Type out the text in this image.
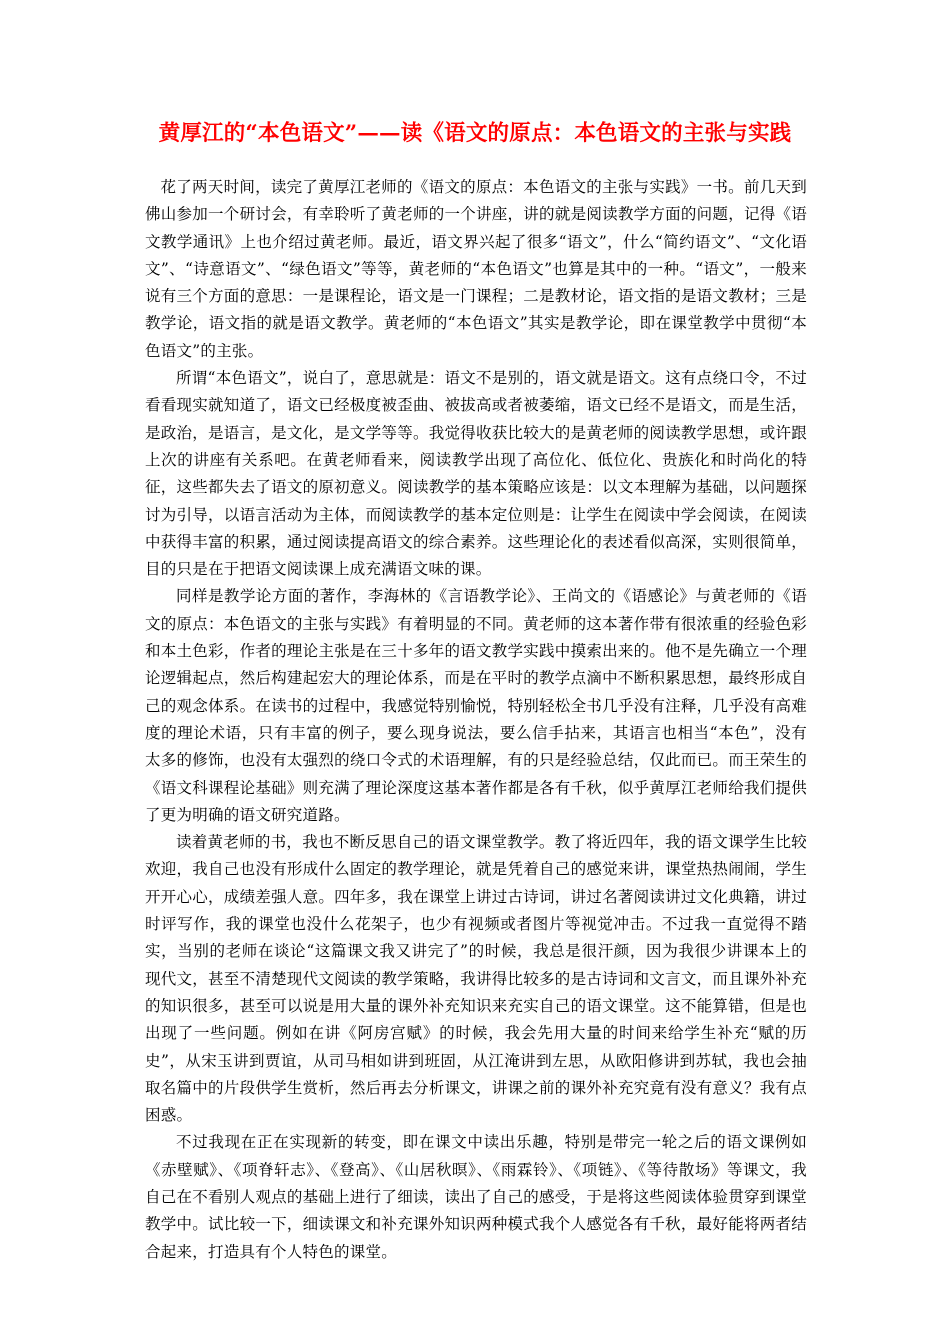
黄厚江的“本色语文”——读《语文的原点：本色语文的主张与实践

花了两天时间，读完了黄厚江老师的《语文的原点：本色语文的主张与实践》一书。前几天到佛山参加一个研讨会，有幸聆听了黄老师的一个讲座，讲的就是阅读教学方面的问题，记得《语文教学通讯》上也介绍过黄老师。最近，语文界兴起了很多“语文”，什么“简约语文”、“文化语文”、“诗意语文”、“绿色语文”等等，黄老师的“本色语文”也算是其中的一种。“语文”，一般来说有三个方面的意思：一是课程论，语文是一门课程；二是教材论，语文指的是语文教材；三是教学论，语文指的就是语文教学。黄老师的“本色语文”其实是教学论，即在课堂教学中贯彻“本色语文”的主张。

所谓“本色语文”，说白了，意思就是：语文不是别的，语文就是语文。这有点绕口令，不过看看现实就知道了，语文已经极度被歪曲、被拔高或者被萎缩，语文已经不是语文，而是生活，是政治，是语言，是文化，是文学等等。我觉得收获比较大的是黄老师的阅读教学思想，或许跟上次的讲座有关系吧。在黄老师看来，阅读教学出现了高位化、低位化、贵族化和时尚化的特征，这些都失去了语文的原初意义。阅读教学的基本策略应该是：以文本理解为基础，以问题探讨为引导，以语言活动为主体，而阅读教学的基本定位则是：让学生在阅读中学会阅读，在阅读中获得丰富的积累，通过阅读提高语文的综合素养。这些理论化的表述看似高深，实则很简单，目的只是在于把语文阅读课上成充满语文味的课。

同样是教学论方面的著作，李海林的《言语教学论》、王尚文的《语感论》与黄老师的《语文的原点：本色语文的主张与实践》有着明显的不同。黄老师的这本著作带有很浓重的经验色彩和本土色彩，作者的理论主张是在三十多年的语文教学实践中摸索出来的。他不是先确立一个理论逻辑起点，然后构建起宏大的理论体系，而是在平时的教学点滴中不断积累思想，最终形成自己的观念体系。在读书的过程中，我感觉特别愉悦，特别轻松全书几乎没有注释，几乎没有高难度的理论术语，只有丰富的例子，要么现身说法，要么信手拈来，其语言也相当“本色”，没有太多的修饰，也没有太强烈的绕口令式的术语理解，有的只是经验总结，仅此而已。而王荣生的《语文科课程论基础》则充满了理论深度这基本著作都是各有千秋，似乎黄厚江老师给我们提供了更为明确的语文研究道路。

读着黄老师的书，我也不断反思自己的语文课堂教学。教了将近四年，我的语文课学生比较欢迎，我自己也没有形成什么固定的教学理论，就是凭着自己的感觉来讲，课堂热热闹闹，学生开开心心，成绩差强人意。四年多，我在课堂上讲过古诗词，讲过名著阅读讲过文化典籍，讲过时评写作，我的课堂也没什么花架子，也少有视频或者图片等视觉冲击。不过我一直觉得不踏实，当别的老师在谈论“这篇课文我又讲完了”的时候，我总是很汗颜，因为我很少讲课本上的现代文，甚至不清楚现代文阅读的教学策略，我讲得比较多的是古诗词和文言文，而且课外补充的知识很多，甚至可以说是用大量的课外补充知识来充实自己的语文课堂。这不能算错，但是也出现了一些问题。例如在讲《阿房宫赋》的时候，我会先用大量的时间来给学生补充“赋的历史”，从宋玉讲到贾谊，从司马相如讲到班固，从江淹讲到左思，从欧阳修讲到苏轼，我也会抽取名篇中的片段供学生赏析，然后再去分析课文，讲课之前的课外补充究竟有没有意义？我有点困惑。

不过我现在正在实现新的转变，即在课文中读出乐趣，特别是带完一轮之后的语文课例如《赤壁赋》、《项脊轩志》、《登高》、《山居秋暝》、《雨霖铃》、《项链》、《等待散场》等课文，我自己在不看别人观点的基础上进行了细读，读出了自己的感受，于是将这些阅读体验贯穿到课堂教学中。试比较一下，细读课文和补充课外知识两种模式我个人感觉各有千秋，最好能将两者结合起来，打造具有个人特色的课堂。
